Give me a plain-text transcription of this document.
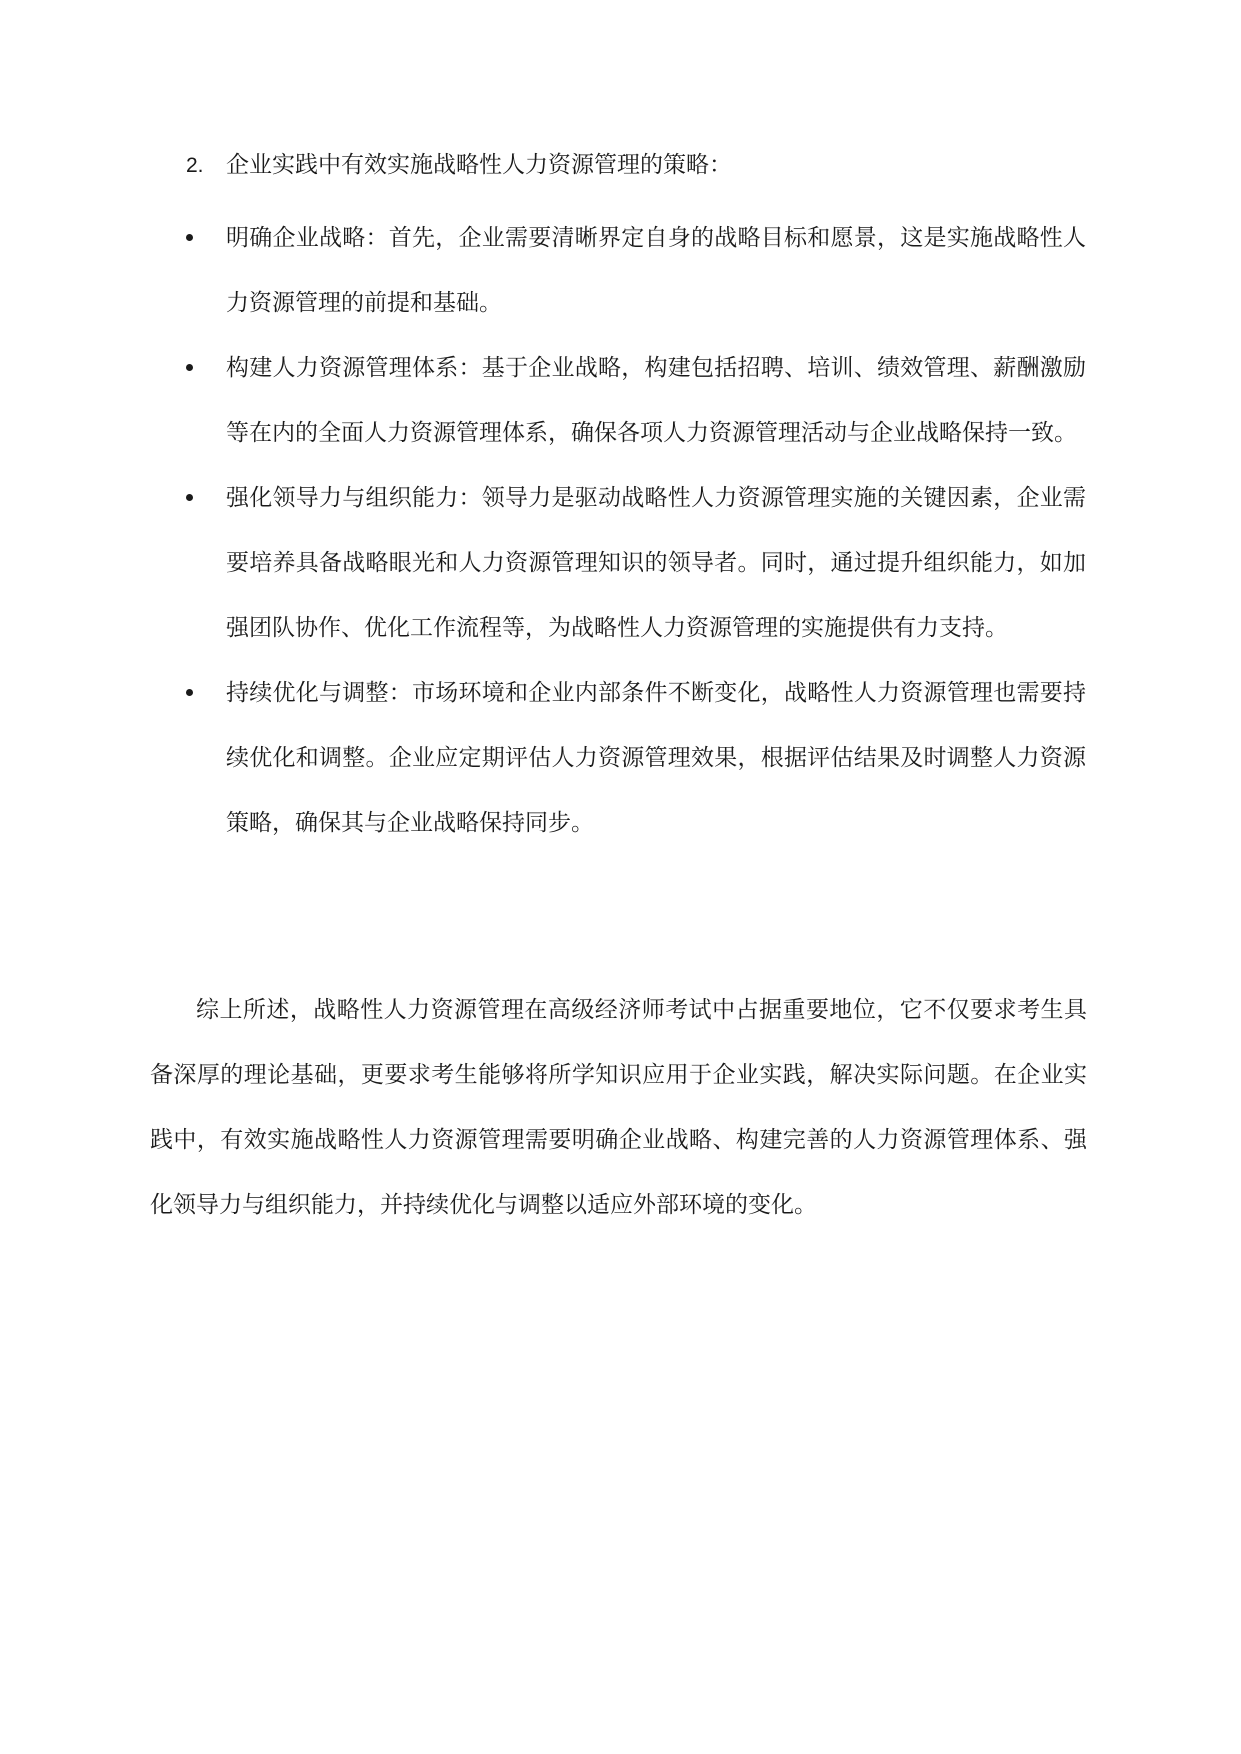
2. 企业实践中有效实施战略性人力资源管理的策略：
明确企业战略：首先，企业需要清晰界定自身的战略目标和愿景，这是实施战略性人力资源管理的前提和基础。
构建人力资源管理体系：基于企业战略，构建包括招聘、培训、绩效管理、薪酬激励等在内的全面人力资源管理体系，确保各项人力资源管理活动与企业战略保持一致。
强化领导力与组织能力：领导力是驱动战略性人力资源管理实施的关键因素，企业需要培养具备战略眼光和人力资源管理知识的领导者。同时，通过提升组织能力，如加强团队协作、优化工作流程等，为战略性人力资源管理的实施提供有力支持。
持续优化与调整：市场环境和企业内部条件不断变化，战略性人力资源管理也需要持续优化和调整。企业应定期评估人力资源管理效果，根据评估结果及时调整人力资源策略，确保其与企业战略保持同步。

综上所述，战略性人力资源管理在高级经济师考试中占据重要地位，它不仅要求考生具备深厚的理论基础，更要求考生能够将所学知识应用于企业实践，解决实际问题。在企业实践中，有效实施战略性人力资源管理需要明确企业战略、构建完善的人力资源管理体系、强化领导力与组织能力，并持续优化与调整以适应外部环境的变化。
